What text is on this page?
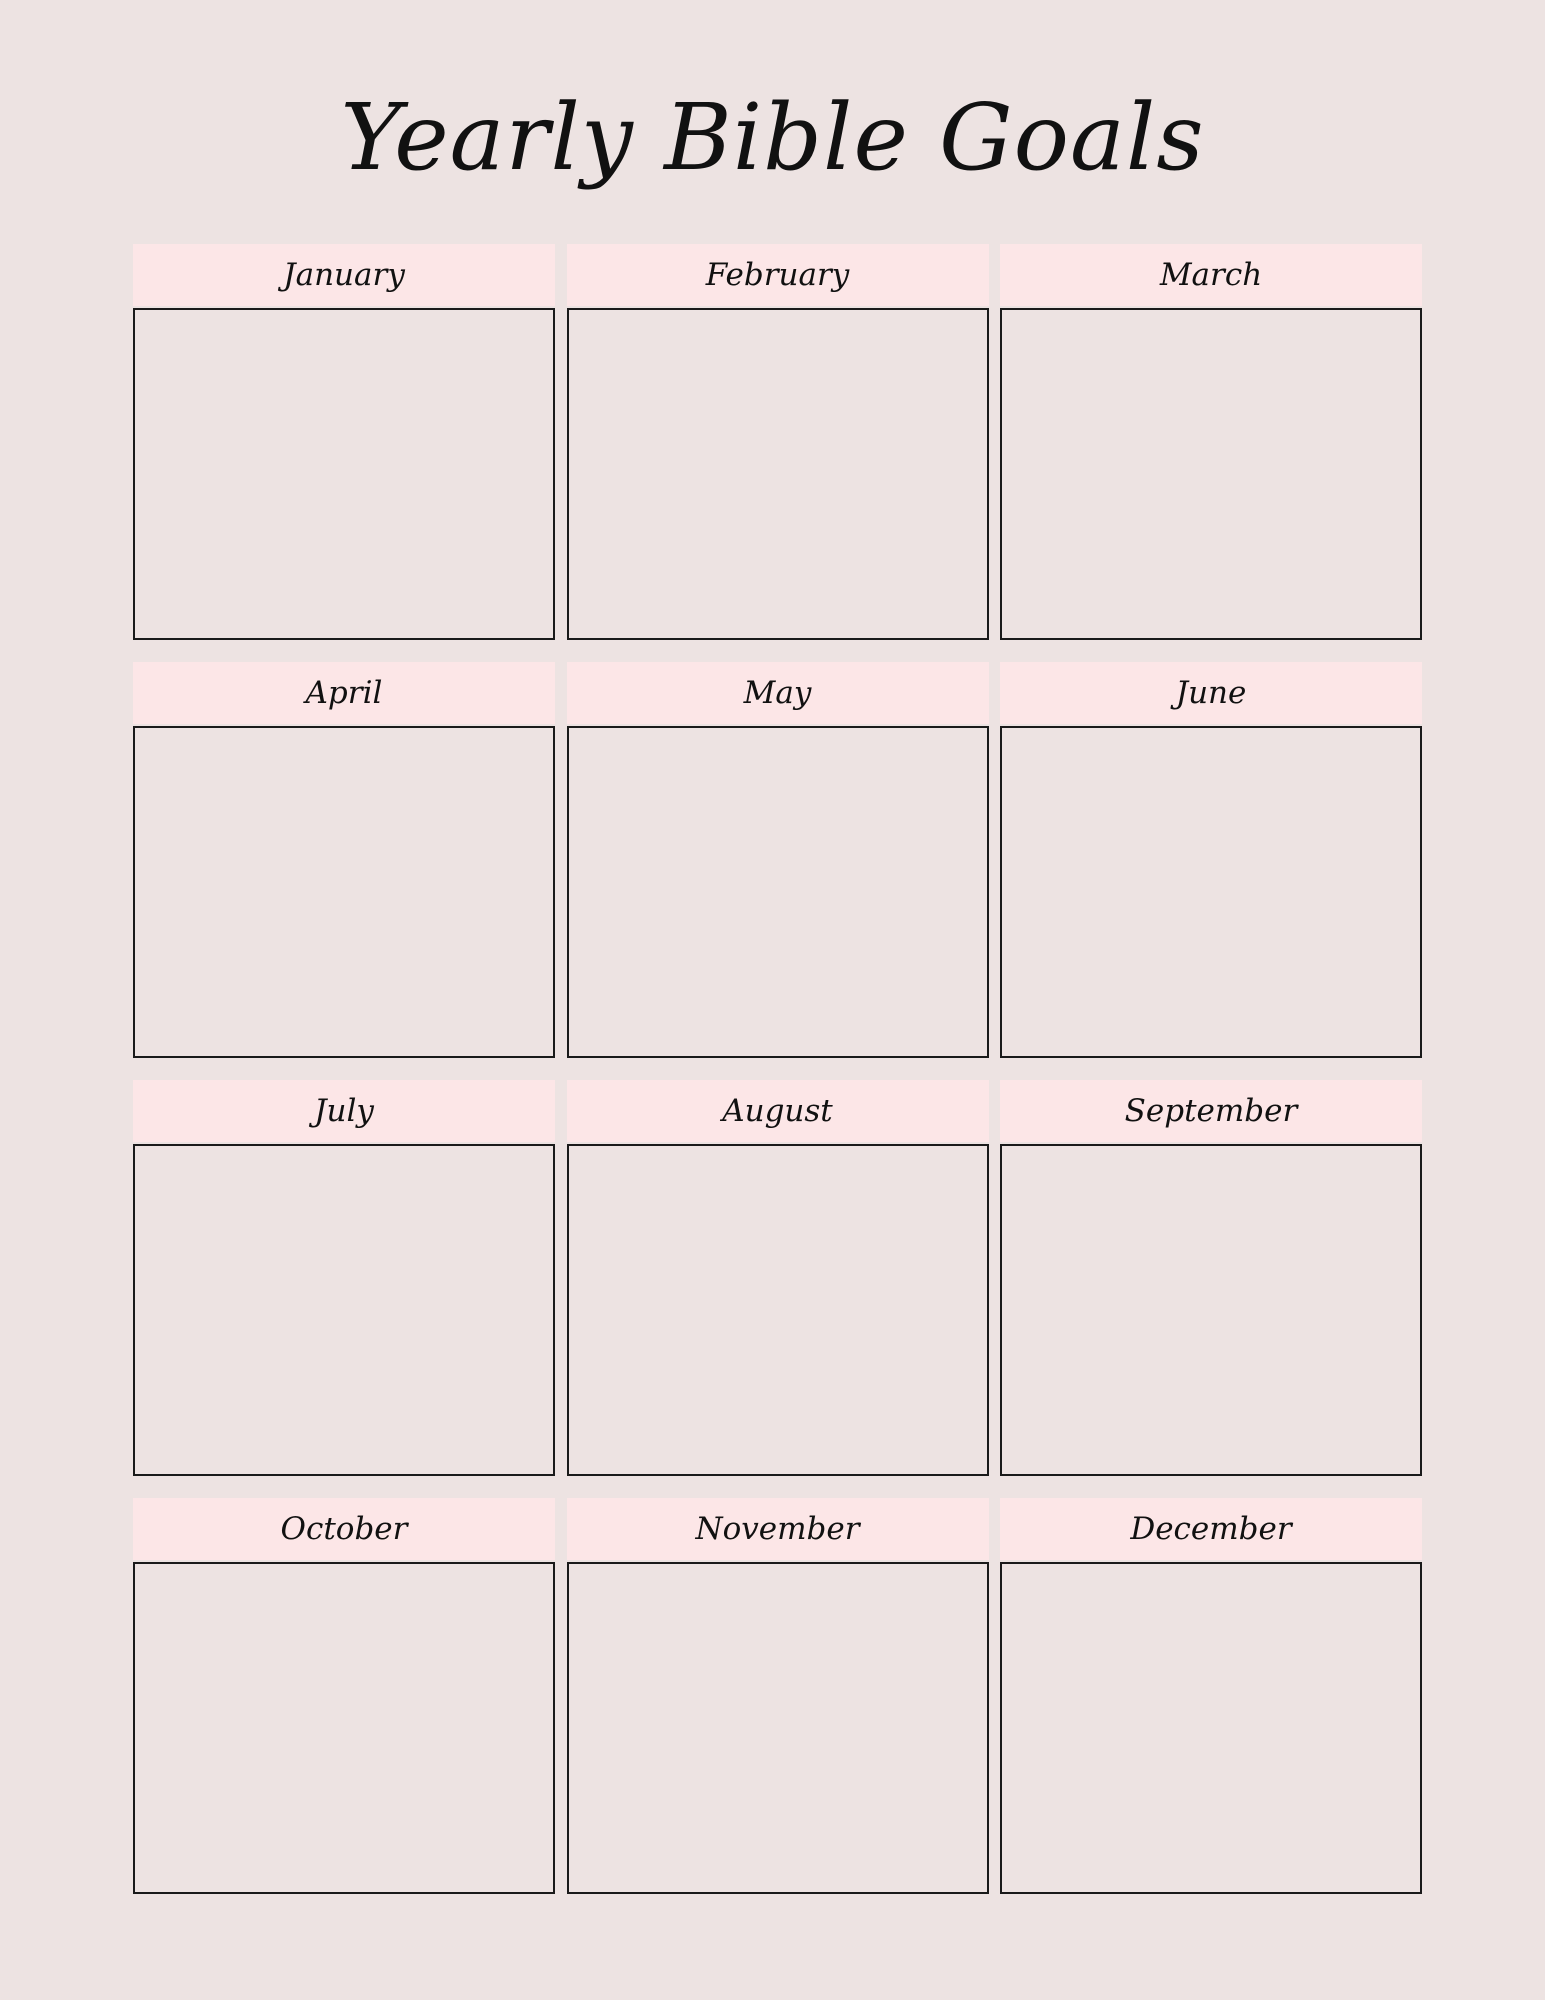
Yearly Bible Goals
January	February	March
April	May	June
July	August	September
October	November	December
